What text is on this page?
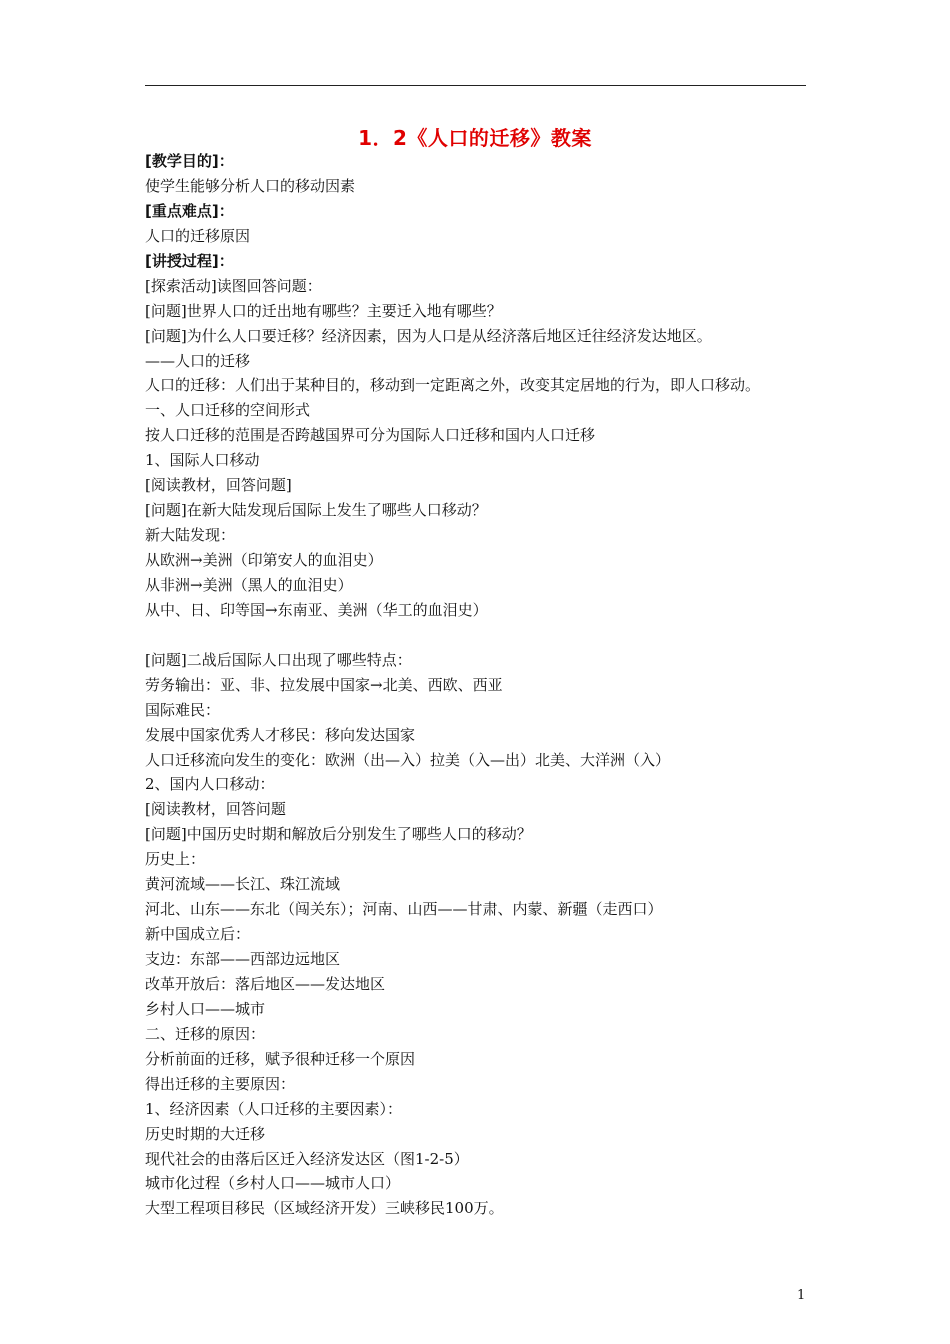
1．2《人口的迁移》教案
[教学目的]：
使学生能够分析人口的移动因素
[重点难点]：
人口的迁移原因
[讲授过程]：
[探索活动]读图回答问题：
[问题]世界人口的迁出地有哪些？主要迁入地有哪些？
[问题]为什么人口要迁移？经济因素，因为人口是从经济落后地区迁往经济发达地区。
——人口的迁移
人口的迁移：人们出于某种目的，移动到一定距离之外，改变其定居地的行为，即人口移动。
一、人口迁移的空间形式
按人口迁移的范围是否跨越国界可分为国际人口迁移和国内人口迁移
1、国际人口移动
[阅读教材，回答问题]
[问题]在新大陆发现后国际上发生了哪些人口移动？
新大陆发现：
从欧洲→美洲（印第安人的血泪史）
从非洲→美洲（黑人的血泪史）
从中、日、印等国→东南亚、美洲（华工的血泪史）
[问题]二战后国际人口出现了哪些特点：
劳务输出：亚、非、拉发展中国家→北美、西欧、西亚
国际难民：
发展中国家优秀人才移民：移向发达国家
人口迁移流向发生的变化：欧洲（出—入）拉美（入—出）北美、大洋洲（入）
2、国内人口移动：
[阅读教材，回答问题
[问题]中国历史时期和解放后分别发生了哪些人口的移动？
历史上：
黄河流域——长江、珠江流域
河北、山东——东北（闯关东）；河南、山西——甘肃、内蒙、新疆（走西口）
新中国成立后：
支边：东部——西部边远地区
改革开放后：落后地区——发达地区
乡村人口——城市
二、迁移的原因：
分析前面的迁移，赋予很种迁移一个原因
得出迁移的主要原因：
1、经济因素（人口迁移的主要因素）：
历史时期的大迁移
现代社会的由落后区迁入经济发达区（图1-2-5）
城市化过程（乡村人口——城市人口）
大型工程项目移民（区域经济开发）三峡移民100万。
1
